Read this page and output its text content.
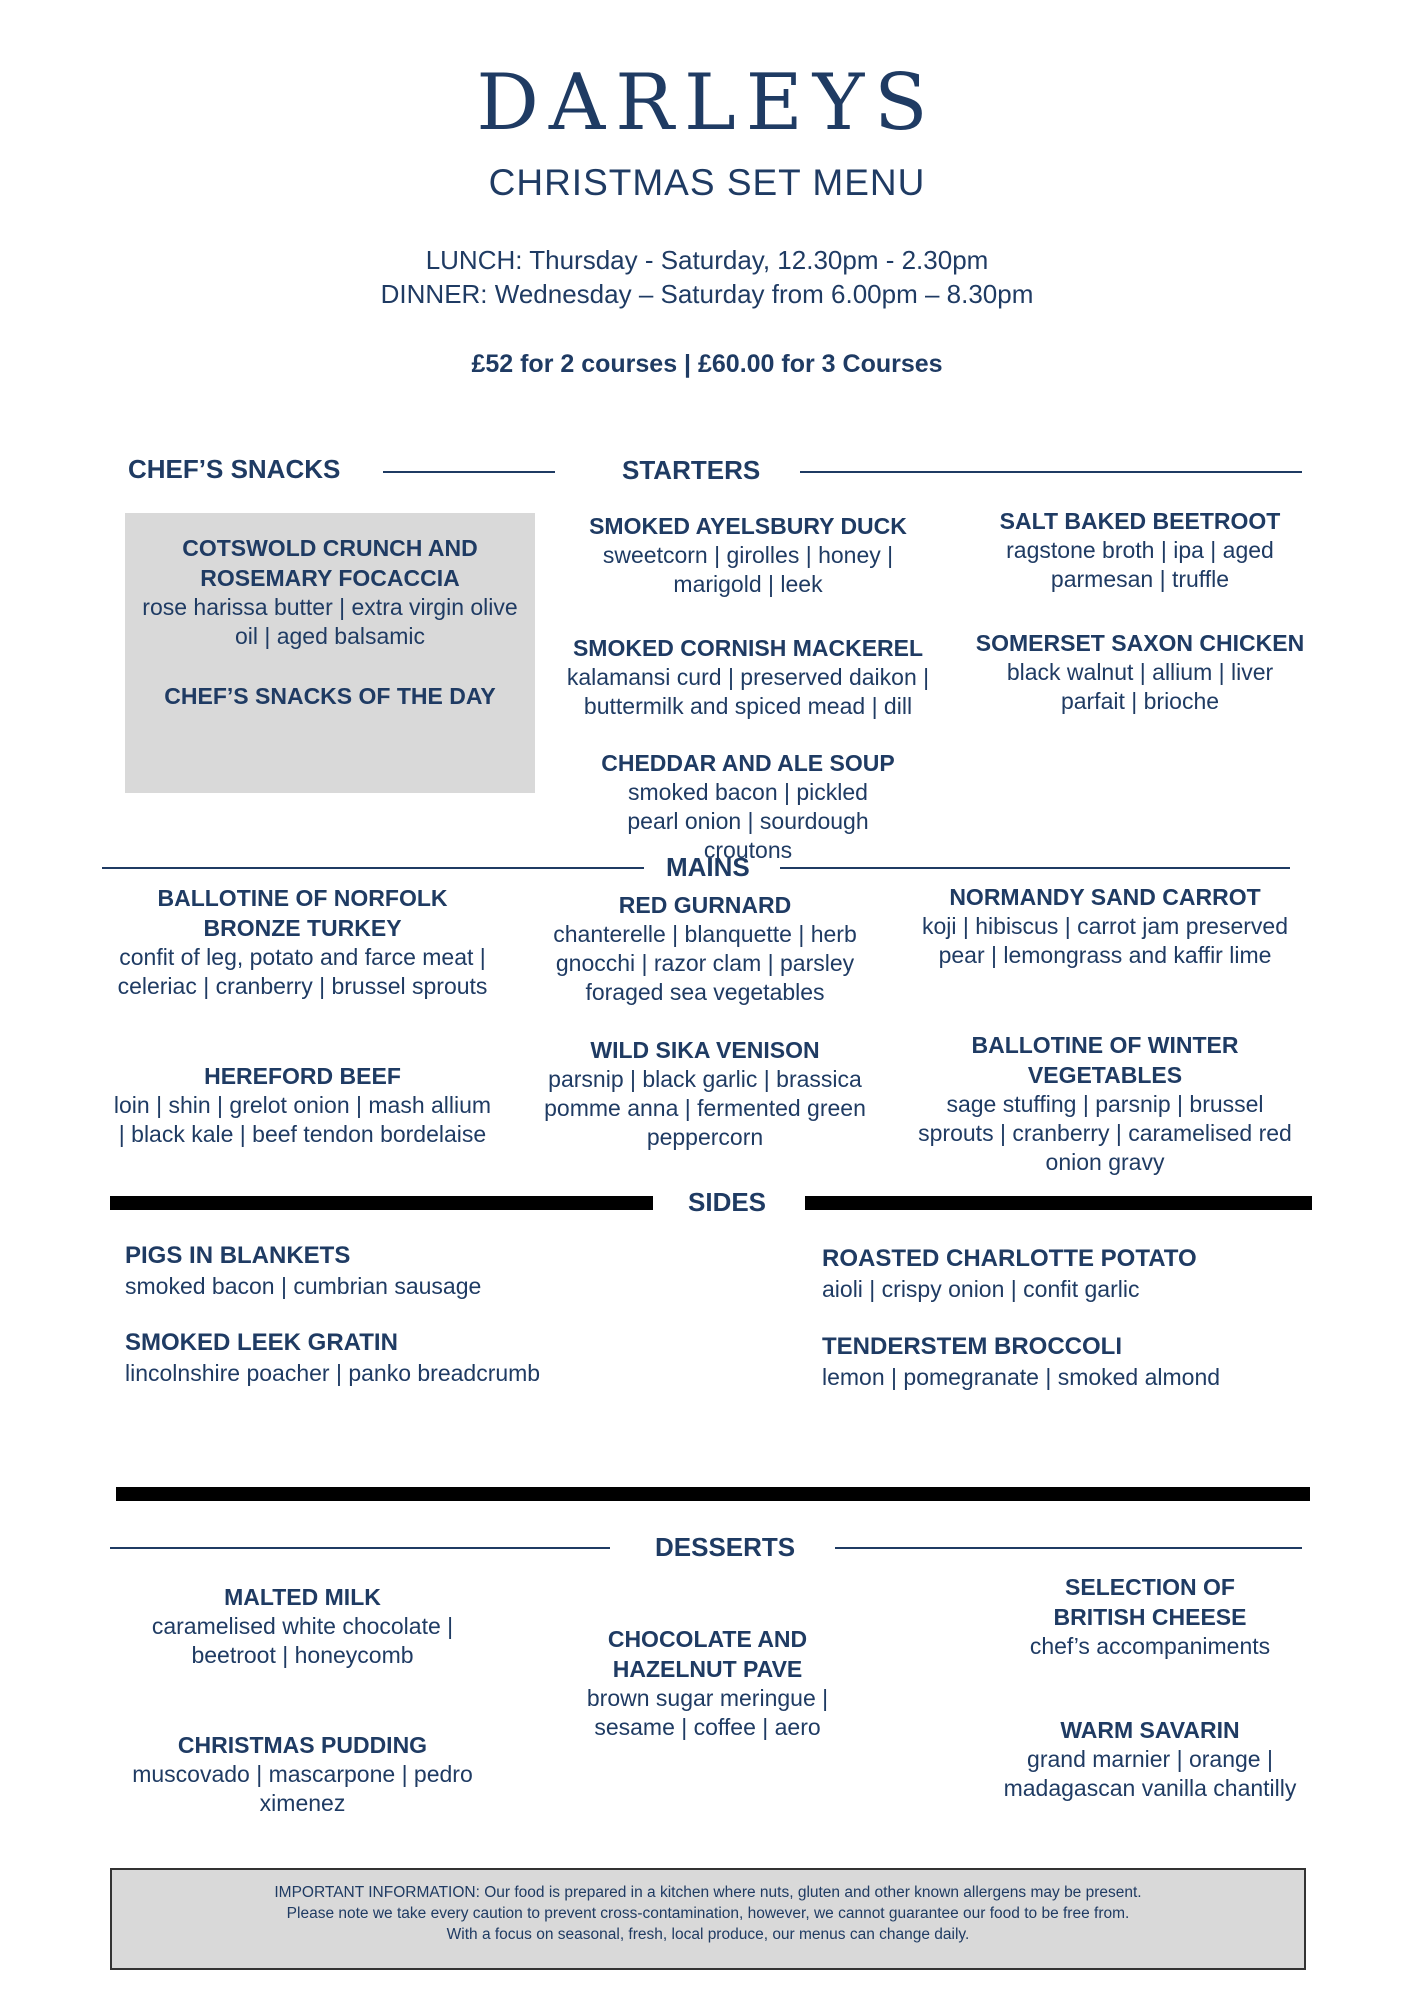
DARLEYS
CHRISTMAS SET MENU
LUNCH: Thursday - Saturday, 12.30pm - 2.30pm
DINNER: Wednesday – Saturday from 6.00pm – 8.30pm
£52 for 2 courses | £60.00 for 3 Courses
CHEF’S SNACKS	STARTERS
COTSWOLD CRUNCH AND ROSEMARY FOCACCIA
rose harissa butter | extra virgin olive oil | aged balsamic
CHEF’S SNACKS OF THE DAY
SMOKED AYELSBURY DUCK
sweetcorn | girolles | honey | marigold | leek
SMOKED CORNISH MACKEREL
kalamansi curd | preserved daikon | buttermilk and spiced mead | dill
CHEDDAR AND ALE SOUP
smoked bacon | pickled pearl onion | sourdough croutons
SALT BAKED BEETROOT
ragstone broth | ipa | aged parmesan | truffle
SOMERSET SAXON CHICKEN
black walnut | allium | liver parfait | brioche
MAINS
BALLOTINE OF NORFOLK BRONZE TURKEY
confit of leg, potato and farce meat | celeriac | cranberry | brussel sprouts
HEREFORD BEEF
loin | shin | grelot onion | mash allium | black kale | beef tendon bordelaise
RED GURNARD
chanterelle | blanquette | herb gnocchi | razor clam | parsley foraged sea vegetables
WILD SIKA VENISON
parsnip | black garlic | brassica pomme anna | fermented green peppercorn
NORMANDY SAND CARROT
koji | hibiscus | carrot jam preserved pear | lemongrass and kaffir lime
BALLOTINE OF WINTER VEGETABLES
sage stuffing | parsnip | brussel sprouts | cranberry | caramelised red onion gravy
SIDES
PIGS IN BLANKETS
smoked bacon | cumbrian sausage
SMOKED LEEK GRATIN
lincolnshire poacher | panko breadcrumb
ROASTED CHARLOTTE POTATO
aioli | crispy onion | confit garlic
TENDERSTEM BROCCOLI
lemon | pomegranate | smoked almond
DESSERTS
MALTED MILK
caramelised white chocolate | beetroot | honeycomb
CHRISTMAS PUDDING
muscovado | mascarpone | pedro ximenez
CHOCOLATE AND HAZELNUT PAVE
brown sugar meringue | sesame | coffee | aero
SELECTION OF BRITISH CHEESE
chef’s accompaniments
WARM SAVARIN
grand marnier | orange | madagascan vanilla chantilly
IMPORTANT INFORMATION: Our food is prepared in a kitchen where nuts, gluten and other known allergens may be present.
Please note we take every caution to prevent cross-contamination, however, we cannot guarantee our food to be free from.
With a focus on seasonal, fresh, local produce, our menus can change daily.
